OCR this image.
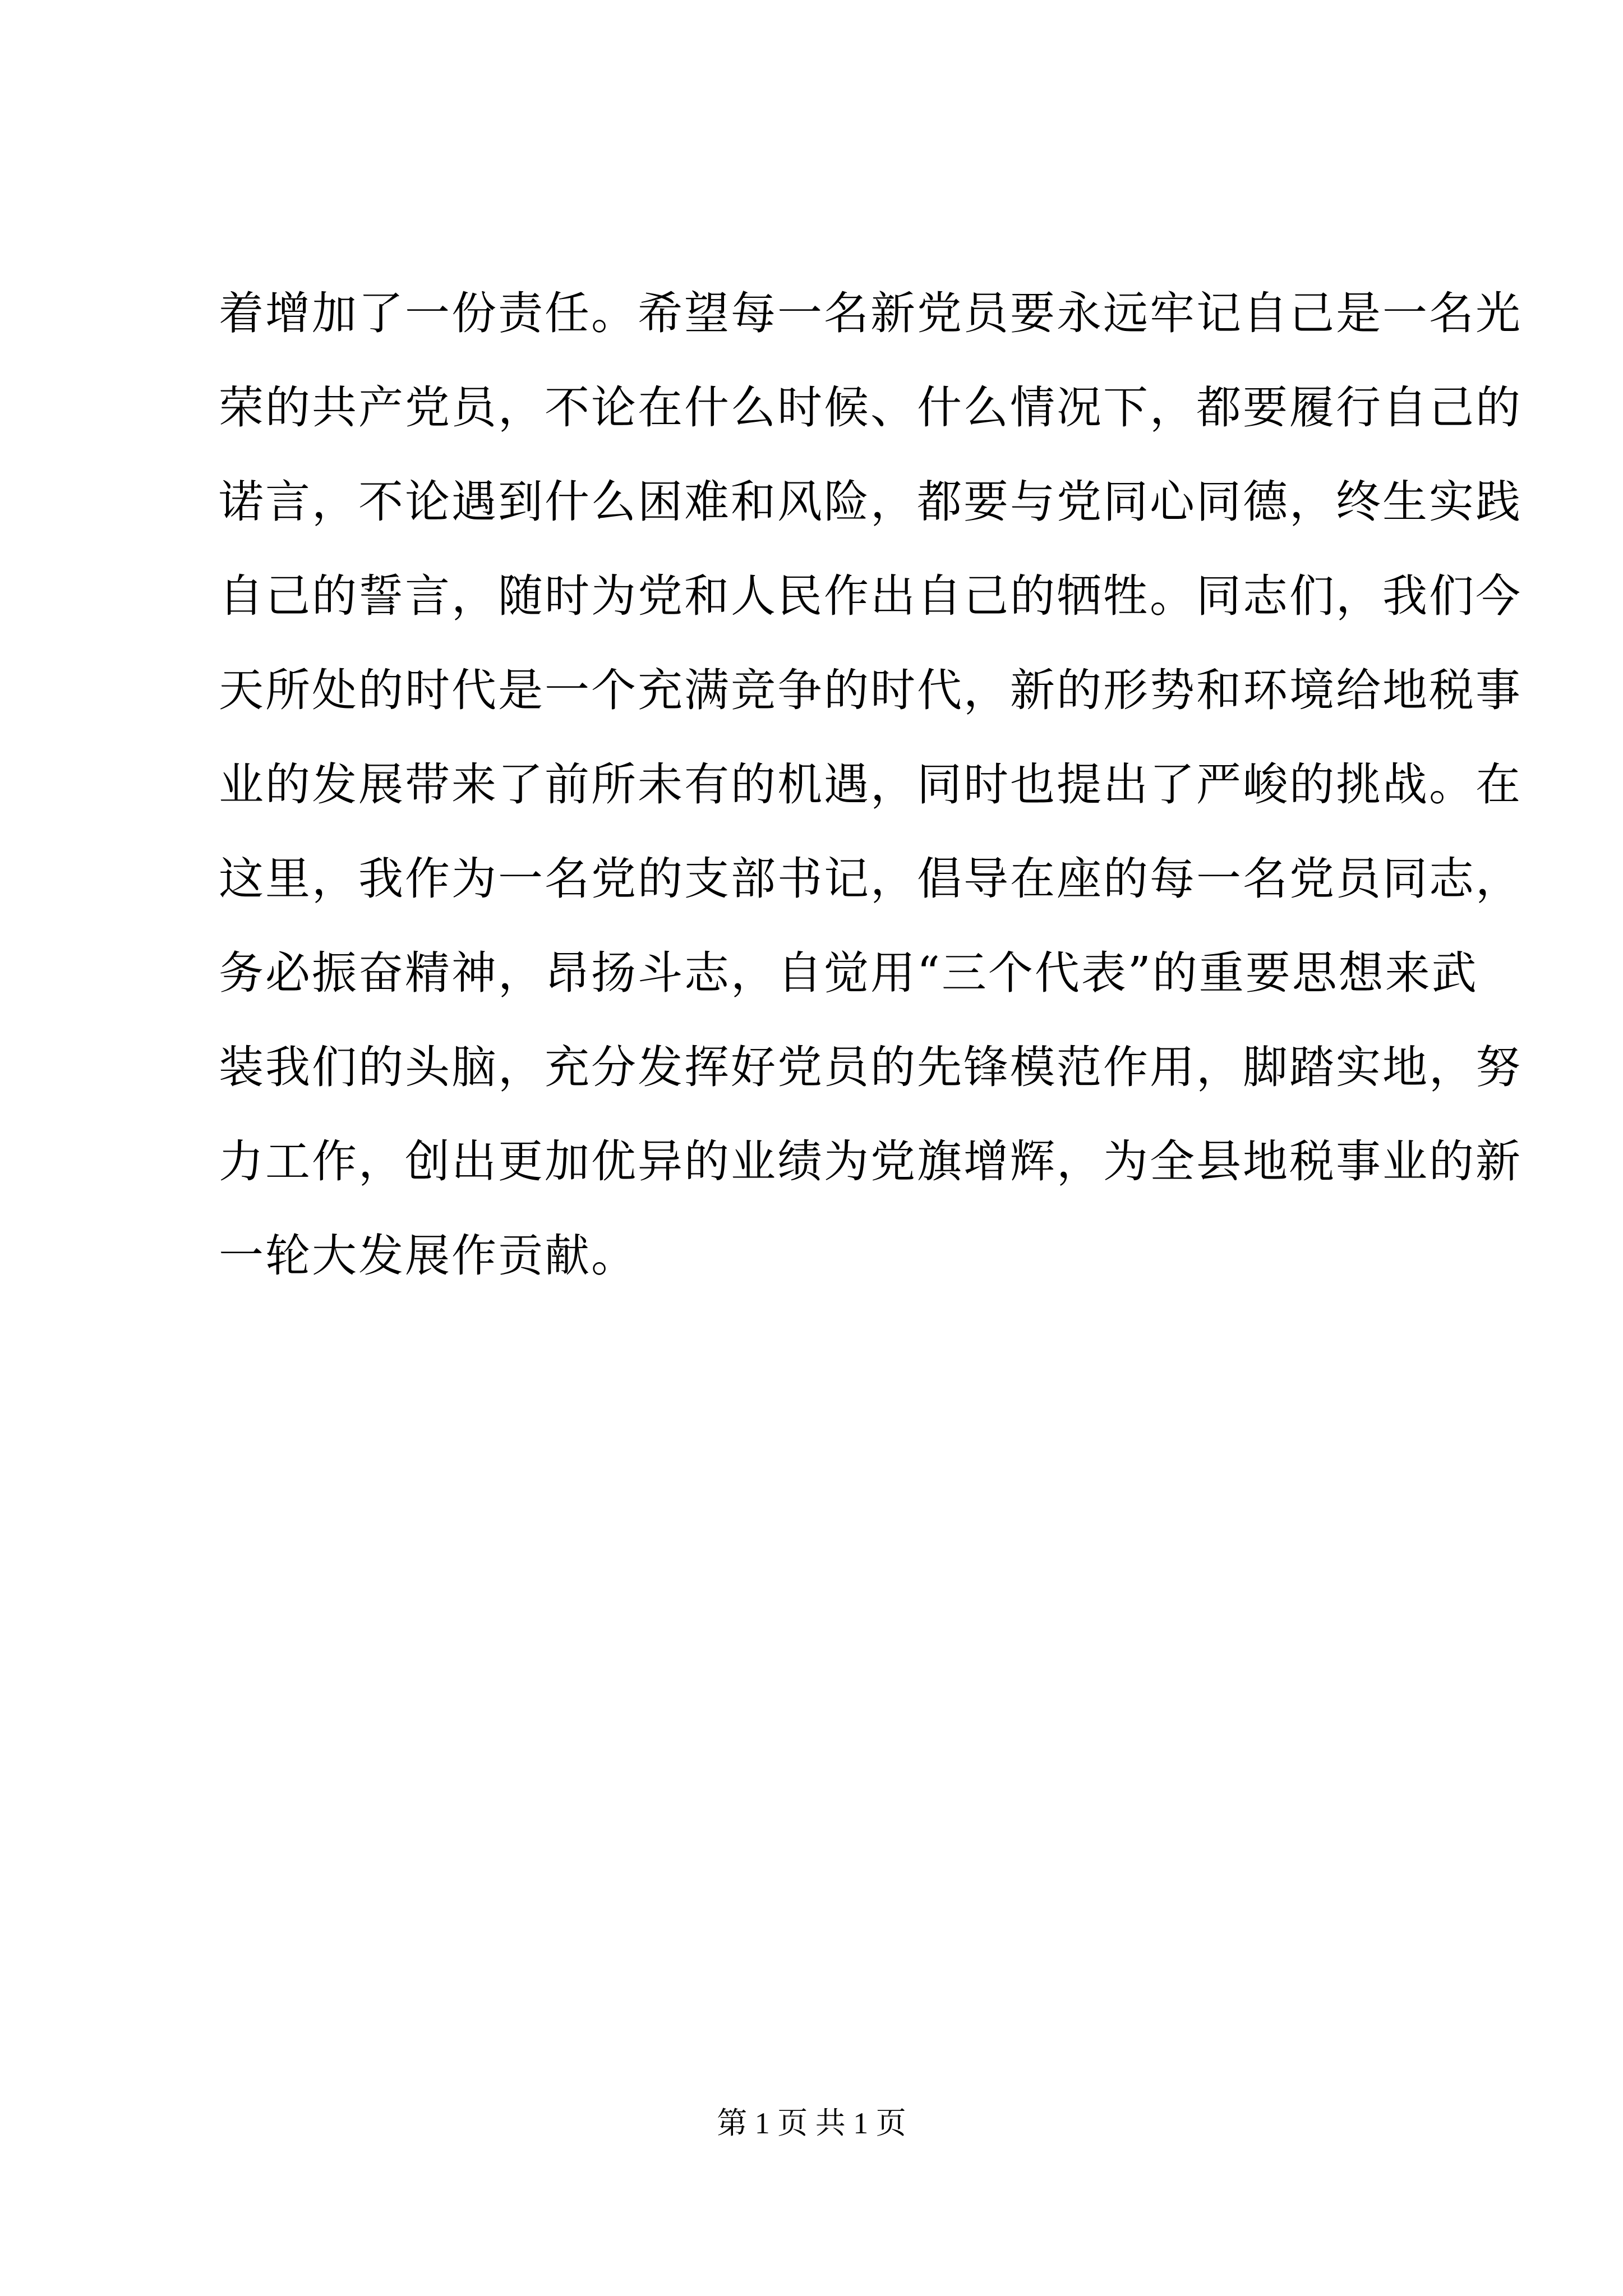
着增加了一份责任。希望每一名新党员要永远牢记自己是一名光
荣的共产党员，不论在什么时候、什么情况下，都要履行自己的
诺言，不论遇到什么困难和风险，都要与党同心同德，终生实践
自己的誓言，随时为党和人民作出自己的牺牲。同志们，我们今
天所处的时代是一个充满竞争的时代，新的形势和环境给地税事
业的发展带来了前所未有的机遇，同时也提出了严峻的挑战。在
这里，我作为一名党的支部书记，倡导在座的每一名党员同志，
务必振奋精神，昂扬斗志，自觉用“三个代表”的重要思想来武
装我们的头脑，充分发挥好党员的先锋模范作用，脚踏实地，努
力工作，创出更加优异的业绩为党旗增辉，为全县地税事业的新
一轮大发展作贡献。
第 1 页 共 1 页
